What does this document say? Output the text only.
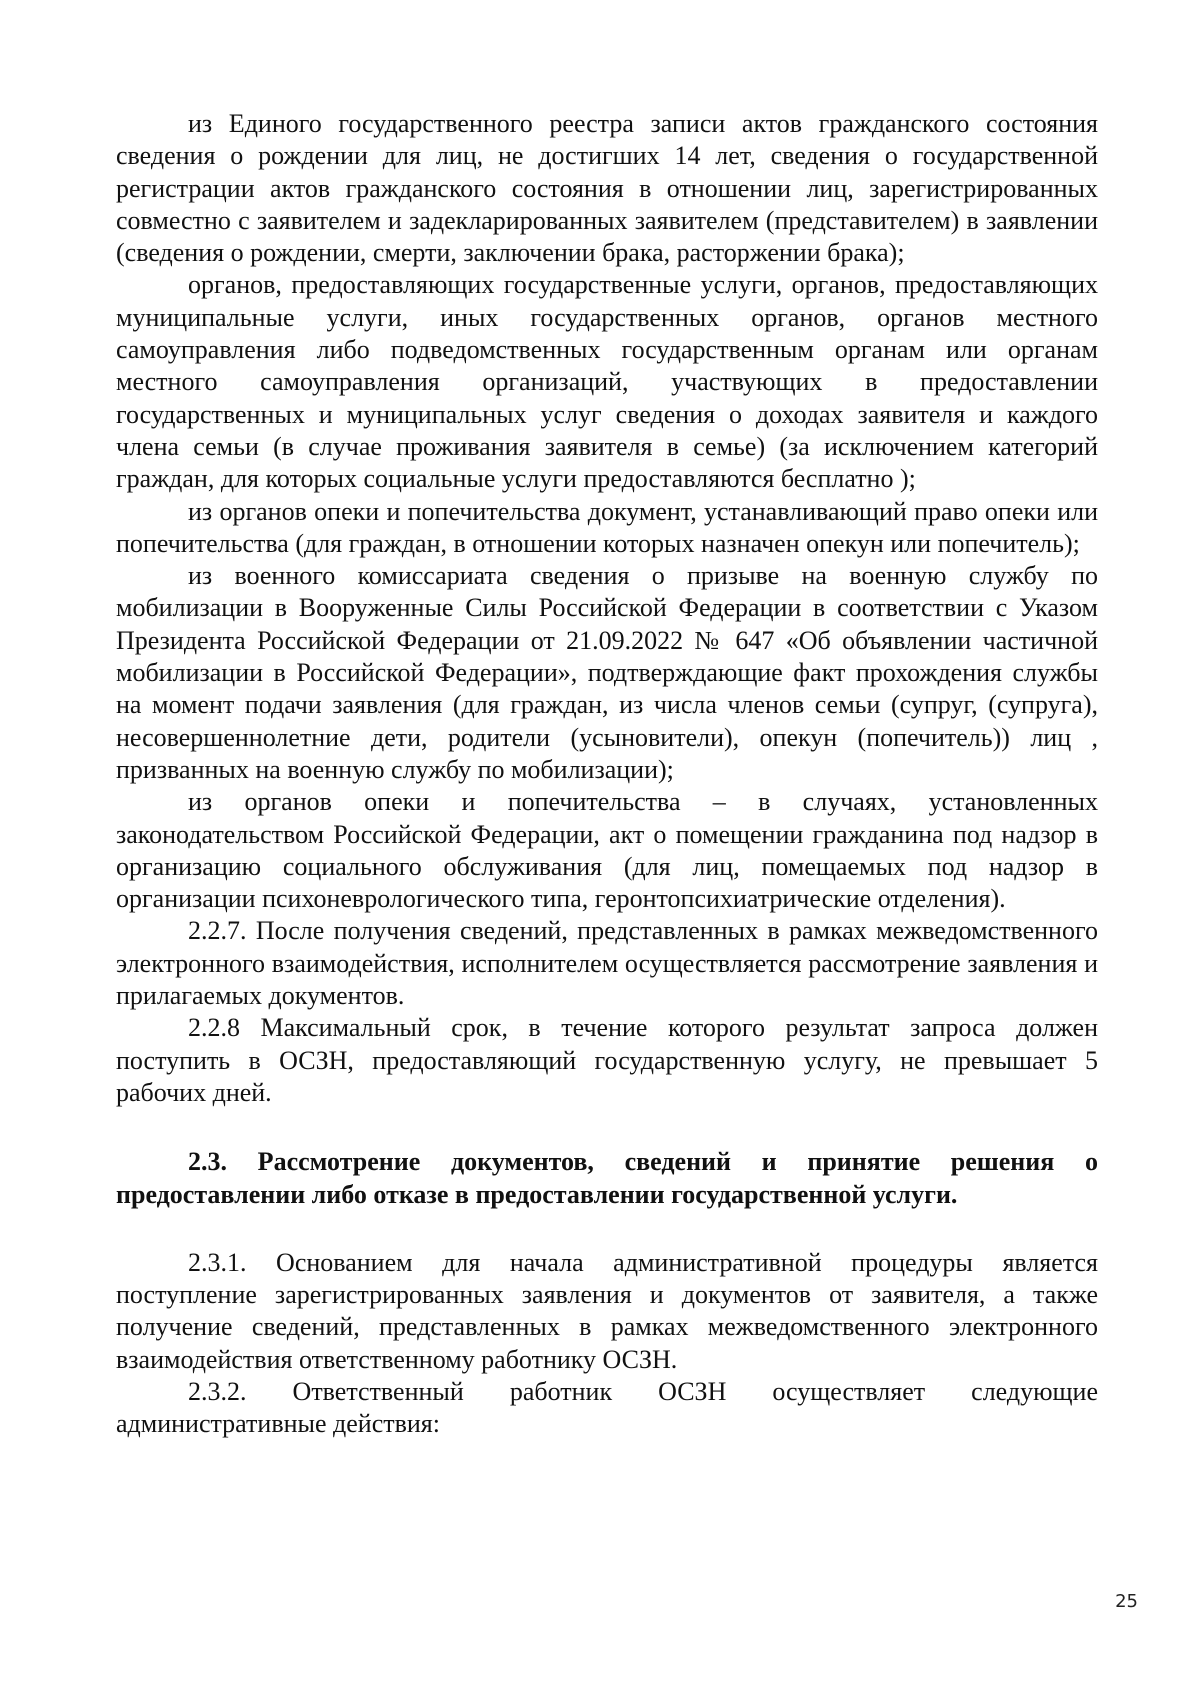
из Единого государственного реестра записи актов гражданского состояния сведения о рождении для лиц, не достигших 14 лет, сведения о государственной регистрации актов гражданского состояния в отношении лиц, зарегистрированных совместно с заявителем и задекларированных заявителем (представителем) в заявлении (сведения о рождении, смерти, заключении брака, расторжении брака);

органов, предоставляющих государственные услуги, органов, предоставляющих муниципальные услуги, иных государственных органов, органов местного самоуправления либо подведомственных государственным органам или органам местного самоуправления организаций, участвующих в предоставлении государственных и муниципальных услуг сведения о доходах заявителя и каждого члена семьи (в случае проживания заявителя в семье) (за исключением категорий граждан, для которых социальные услуги предоставляются бесплатно );

из органов опеки и попечительства документ, устанавливающий право опеки или попечительства (для граждан, в отношении которых назначен опекун или попечитель);

из военного комиссариата сведения о призыве на военную службу по мобилизации в Вооруженные Силы Российской Федерации в соответствии с Указом Президента Российской Федерации от 21.09.2022 № 647 «Об объявлении частичной мобилизации в Российской Федерации», подтверждающие факт прохождения службы на момент подачи заявления (для граждан, из числа членов семьи (супруг, (супруга), несовершеннолетние дети, родители (усыновители), опекун (попечитель)) лиц , призванных на военную службу по мобилизации);

из органов опеки и попечительства – в случаях, установленных законодательством Российской Федерации, акт о помещении гражданина под надзор в организацию социального обслуживания (для лиц, помещаемых под надзор в организации психоневрологического типа, геронтопсихиатрические отделения).

2.2.7. После получения сведений, представленных в рамках межведомственного электронного взаимодействия, исполнителем осуществляется рассмотрение заявления и прилагаемых документов.

2.2.8 Максимальный срок, в течение которого результат запроса должен поступить в ОСЗН, предоставляющий государственную услугу, не превышает 5 рабочих дней.

2.3. Рассмотрение документов, сведений и принятие решения о предоставлении либо отказе в предоставлении государственной услуги.

2.3.1. Основанием для начала административной процедуры является поступление зарегистрированных заявления и документов от заявителя, а также получение сведений, представленных в рамках межведомственного электронного взаимодействия ответственному работнику ОСЗН.

2.3.2. Ответственный работник ОСЗН осуществляет следующие административные действия:

25
